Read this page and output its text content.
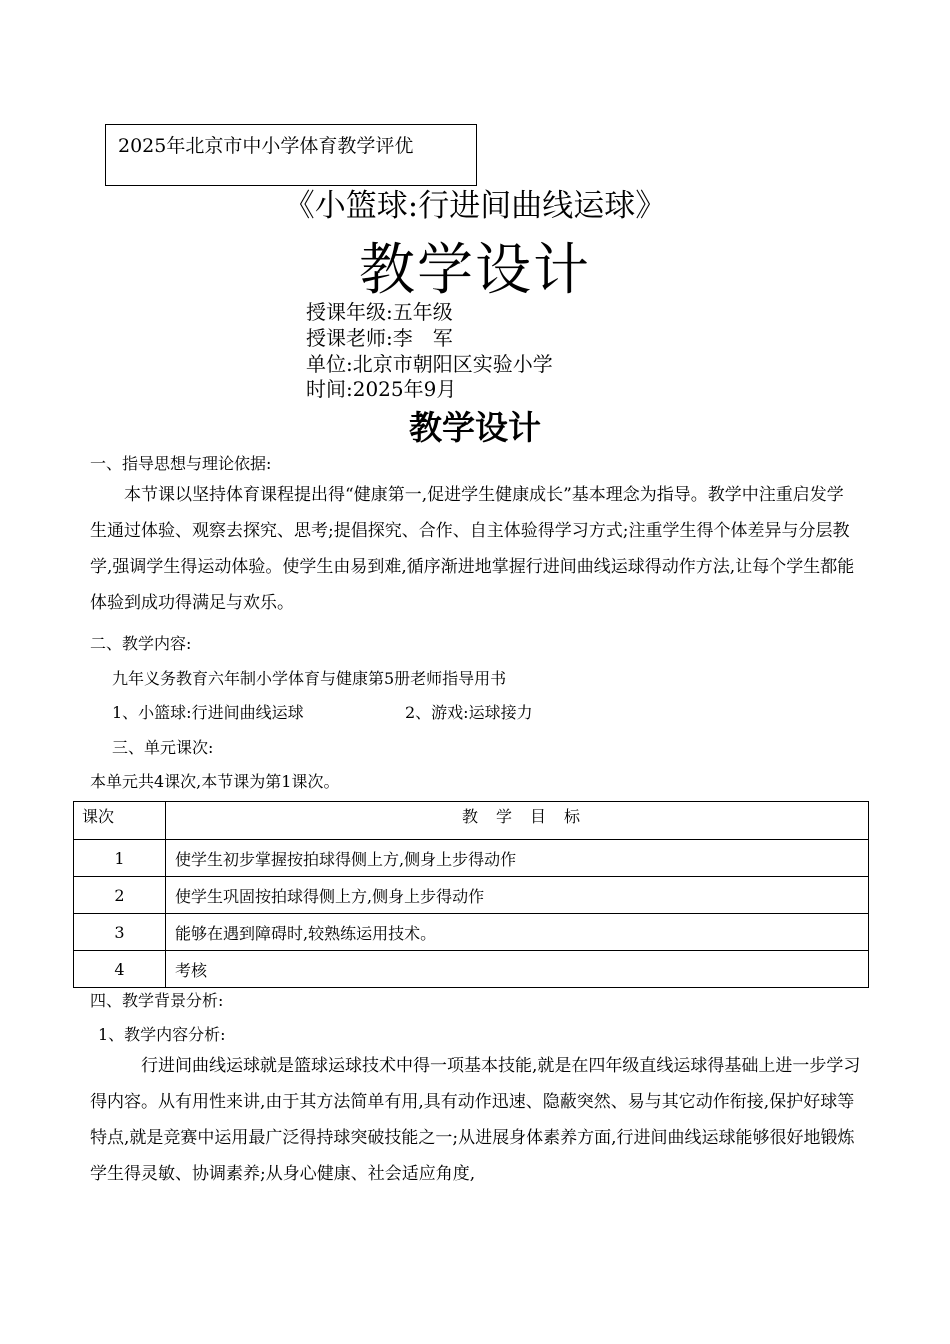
2025年北京市中小学体育教学评优
《小篮球:行进间曲线运球》
教学设计
授课年级:五年级
授课老师:李　军
单位:北京市朝阳区实验小学
时间:2025年9月
教学设计
一、指导思想与理论依据:
本节课以坚持体育课程提出得“健康第一,促进学生健康成长”基本理念为指导。教学中注重启发学生通过体验、观察去探究、思考;提倡探究、合作、自主体验得学习方式;注重学生得个体差异与分层教学,强调学生得运动体验。使学生由易到难,循序渐进地掌握行进间曲线运球得动作方法,让每个学生都能体验到成功得满足与欢乐。
二、教学内容:
九年义务教育六年制小学体育与健康第5册老师指导用书
1、小篮球:行进间曲线运球	2、游戏:运球接力
三、单元课次:
本单元共4课次,本节课为第1课次。
课次	教　学　目　标
1	使学生初步掌握按拍球得侧上方,侧身上步得动作
2	使学生巩固按拍球得侧上方,侧身上步得动作
3	能够在遇到障碍时,较熟练运用技术。
4	考核
四、教学背景分析:
1、教学内容分析:
行进间曲线运球就是篮球运球技术中得一项基本技能,就是在四年级直线运球得基础上进一步学习得内容。从有用性来讲,由于其方法简单有用,具有动作迅速、隐蔽突然、易与其它动作衔接,保护好球等特点,就是竞赛中运用最广泛得持球突破技能之一;从进展身体素养方面,行进间曲线运球能够很好地锻炼学生得灵敏、协调素养;从身心健康、社会适应角度,
